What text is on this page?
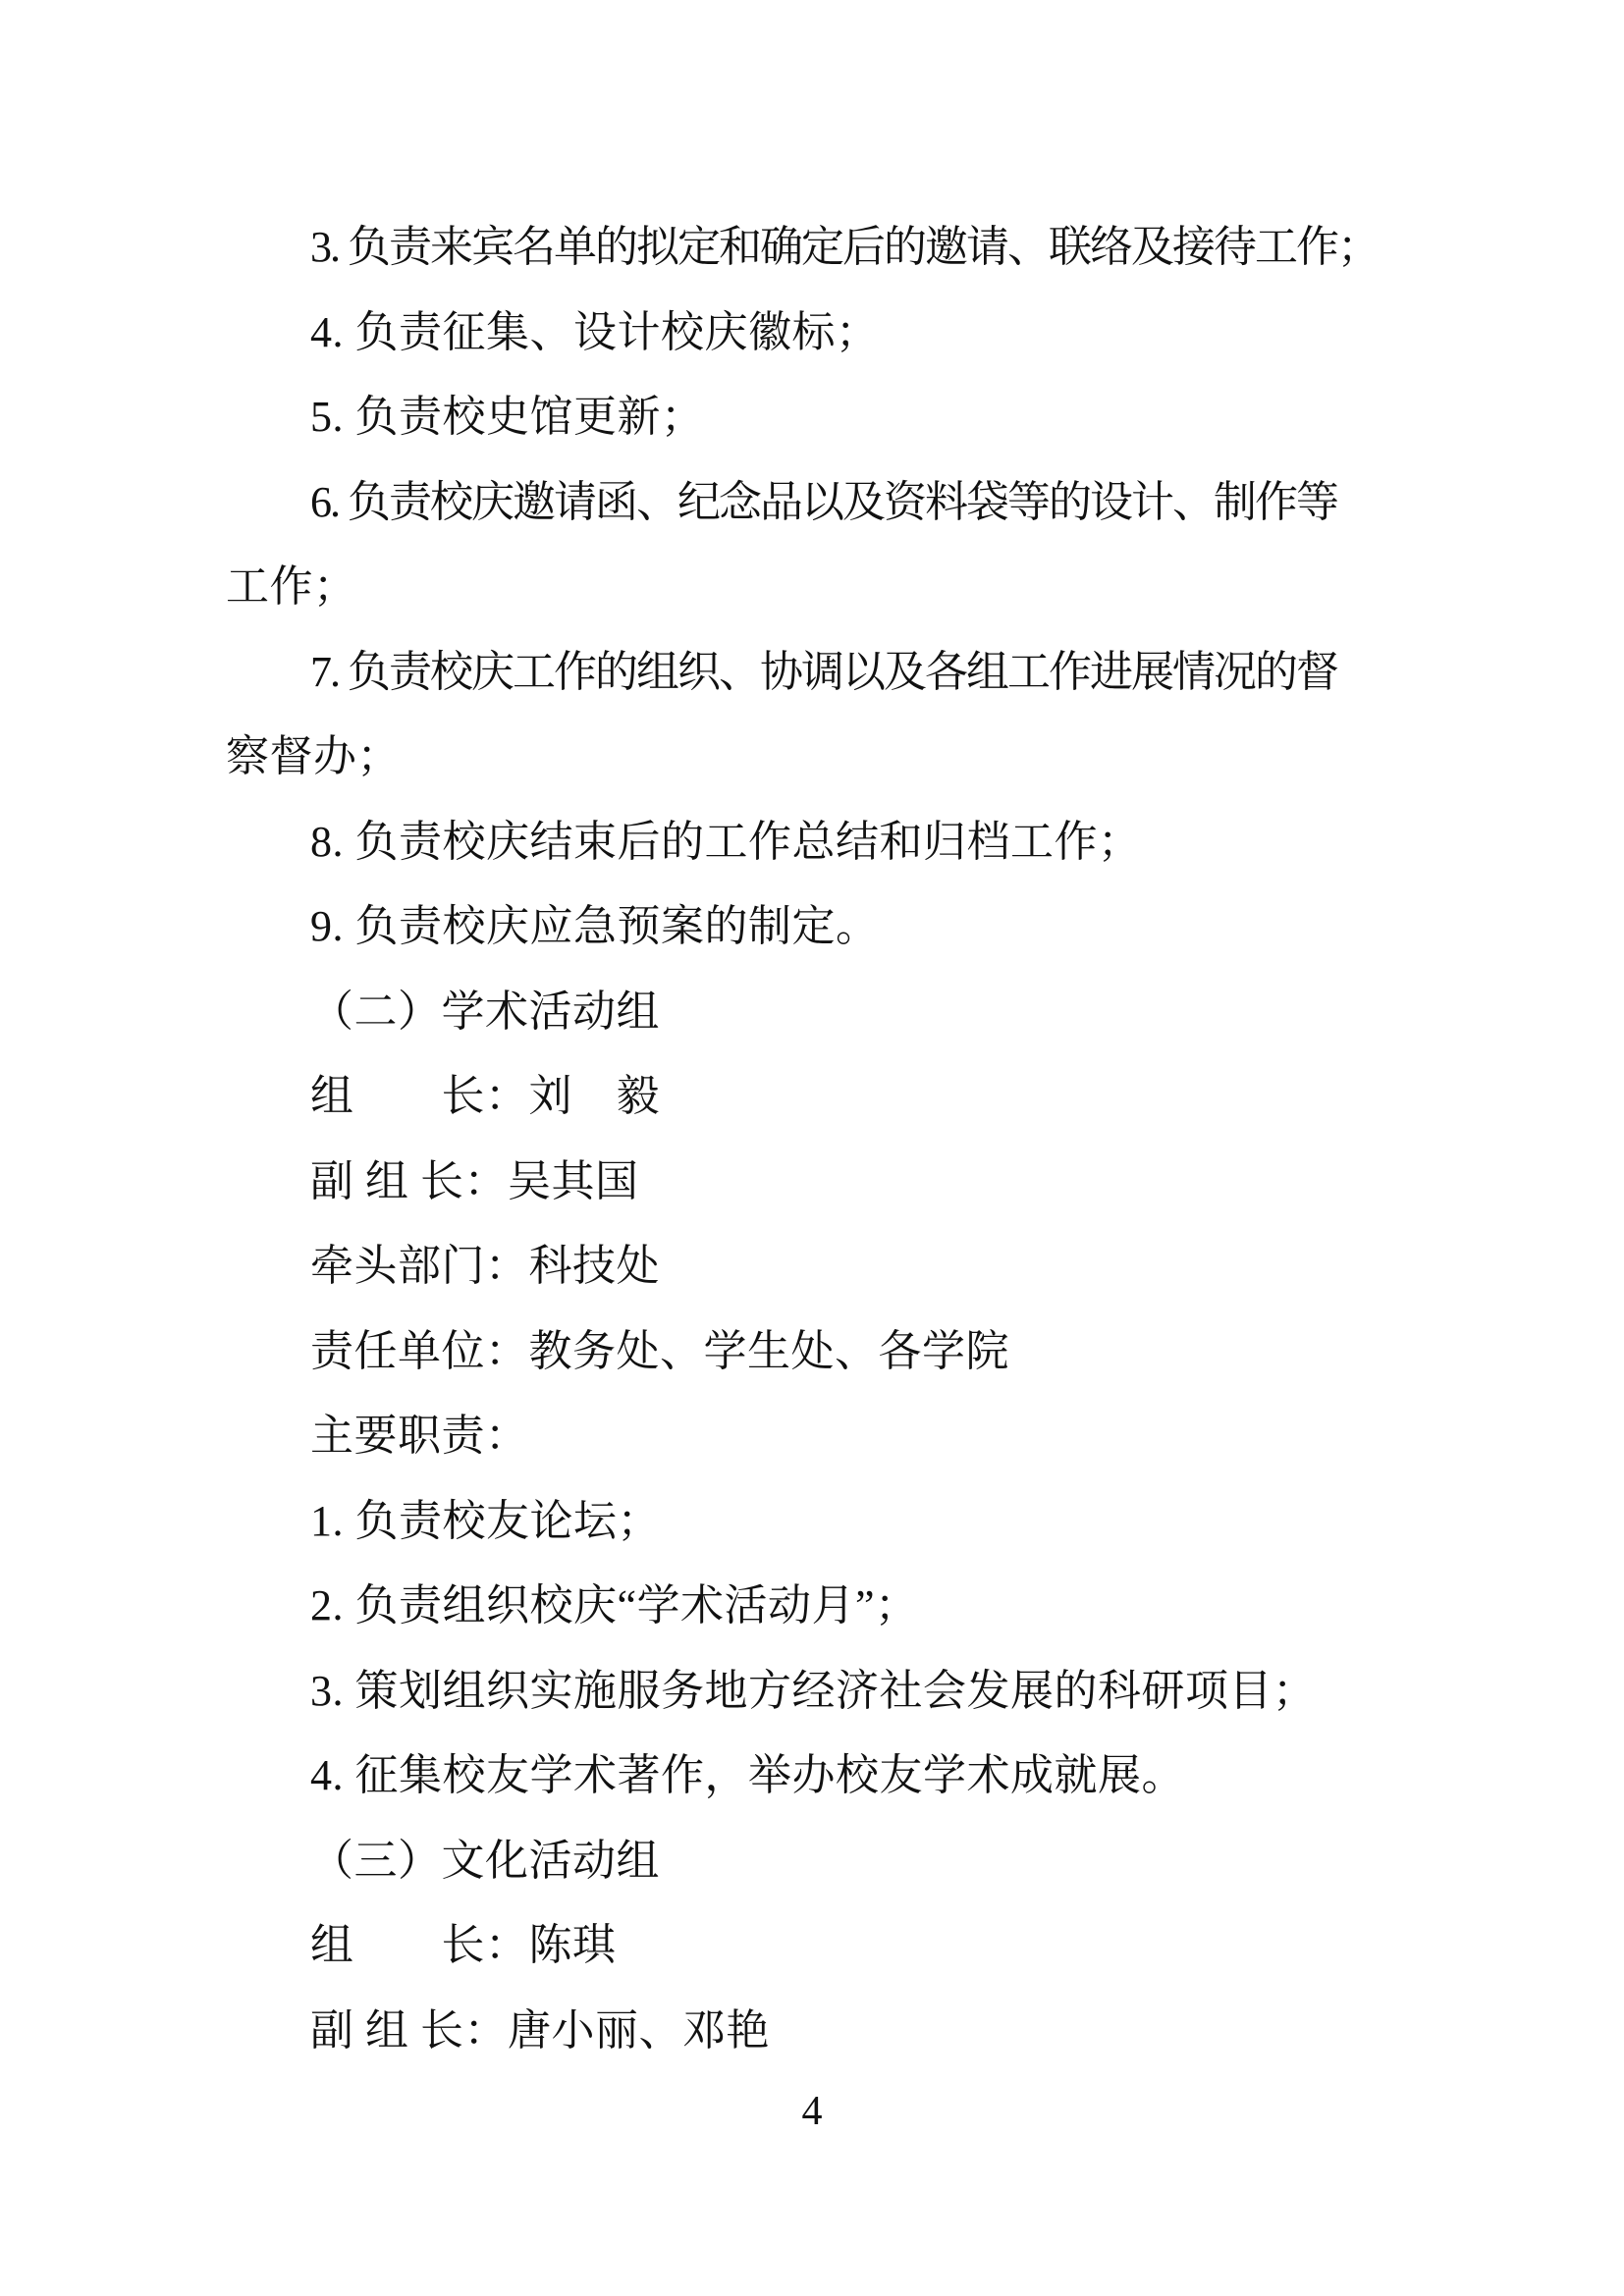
3. 负责来宾名单的拟定和确定后的邀请、联络及接待工作；
4. 负责征集、设计校庆徽标；
5. 负责校史馆更新；
6. 负责校庆邀请函、纪念品以及资料袋等的设计、制作等
工作；
7. 负责校庆工作的组织、协调以及各组工作进展情况的督
察督办；
8. 负责校庆结束后的工作总结和归档工作；
9. 负责校庆应急预案的制定。
（二）学术活动组
组　　长：刘　毅
副 组 长：吴其国
牵头部门：科技处
责任单位：教务处、学生处、各学院
主要职责：
1. 负责校友论坛；
2. 负责组织校庆“学术活动月”；
3. 策划组织实施服务地方经济社会发展的科研项目；
4. 征集校友学术著作，举办校友学术成就展。
（三）文化活动组
组　　长：陈琪
副 组 长：唐小丽、邓艳
4
